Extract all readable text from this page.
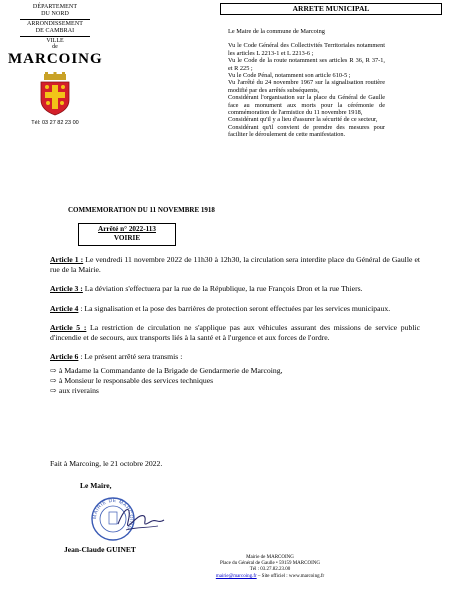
DÉPARTEMENT
DU NORD
ARRONDISSEMENT
DE CAMBRAI
VILLE
de
MARCOING
Tél: 03 27 82 23 00
ARRETE MUNICIPAL

Le Maire de la commune de Marcoing

Vu le Code Général des Collectivités Territoriales notamment les articles L 2213-1 et L 2213-6 ;

Vu le Code de la route notamment ses articles R 36, R 37-1, et R 225 ;

Vu le Code Pénal, notamment son article 610-5 ;

Vu l'arrêté du 24 novembre 1967 sur la signalisation routière modifié par des arrêtés subséquents,

Considérant l'organisation sur la place du Général de Gaulle face au monument aux morts pour la cérémonie de commémoration de l'armistice du 11 novembre 1918,

Considérant qu'il y a lieu d'assurer la sécurité de ce secteur,

Considérant qu'il convient de prendre des mesures pour faciliter le déroulement de cette manifestation.

COMMEMORATION DU 11 NOVEMBRE 1918
Arrêté n° 2022-113
VOIRIE

Article 1 : Le vendredi 11 novembre 2022 de 11h30 à 12h30, la circulation sera interdite place du Général de Gaulle et rue de la Mairie.

Article 3 : La déviation s'effectuera par la rue de la République, la rue François Dron et la rue Thiers.

Article 4 : La signalisation et la pose des barrières de protection seront effectuées par les services municipaux.

Article 5 : La restriction de circulation ne s'applique pas aux véhicules assurant des missions de service public d'incendie et de secours, aux transports liés à la santé et à l'urgence et aux forces de l'ordre.

Article 6 : Le présent arrêté sera transmis :

⇨ à Madame la Commandante de la Brigade de Gendarmerie de Marcoing,

⇨ à Monsieur le responsable des services techniques

⇨ aux riverains

Fait à Marcoing, le 21 octobre 2022.
Le Maire,
MAIRIE DE MARCOING
Jean-Claude GUINET
Mairie de MARCOING
Place du Général de Gaulle • 59159 MARCOING
Tél : 03.27.82.23.00
mairie@marcoing.fr – Site officiel : www.marcoing.fr
